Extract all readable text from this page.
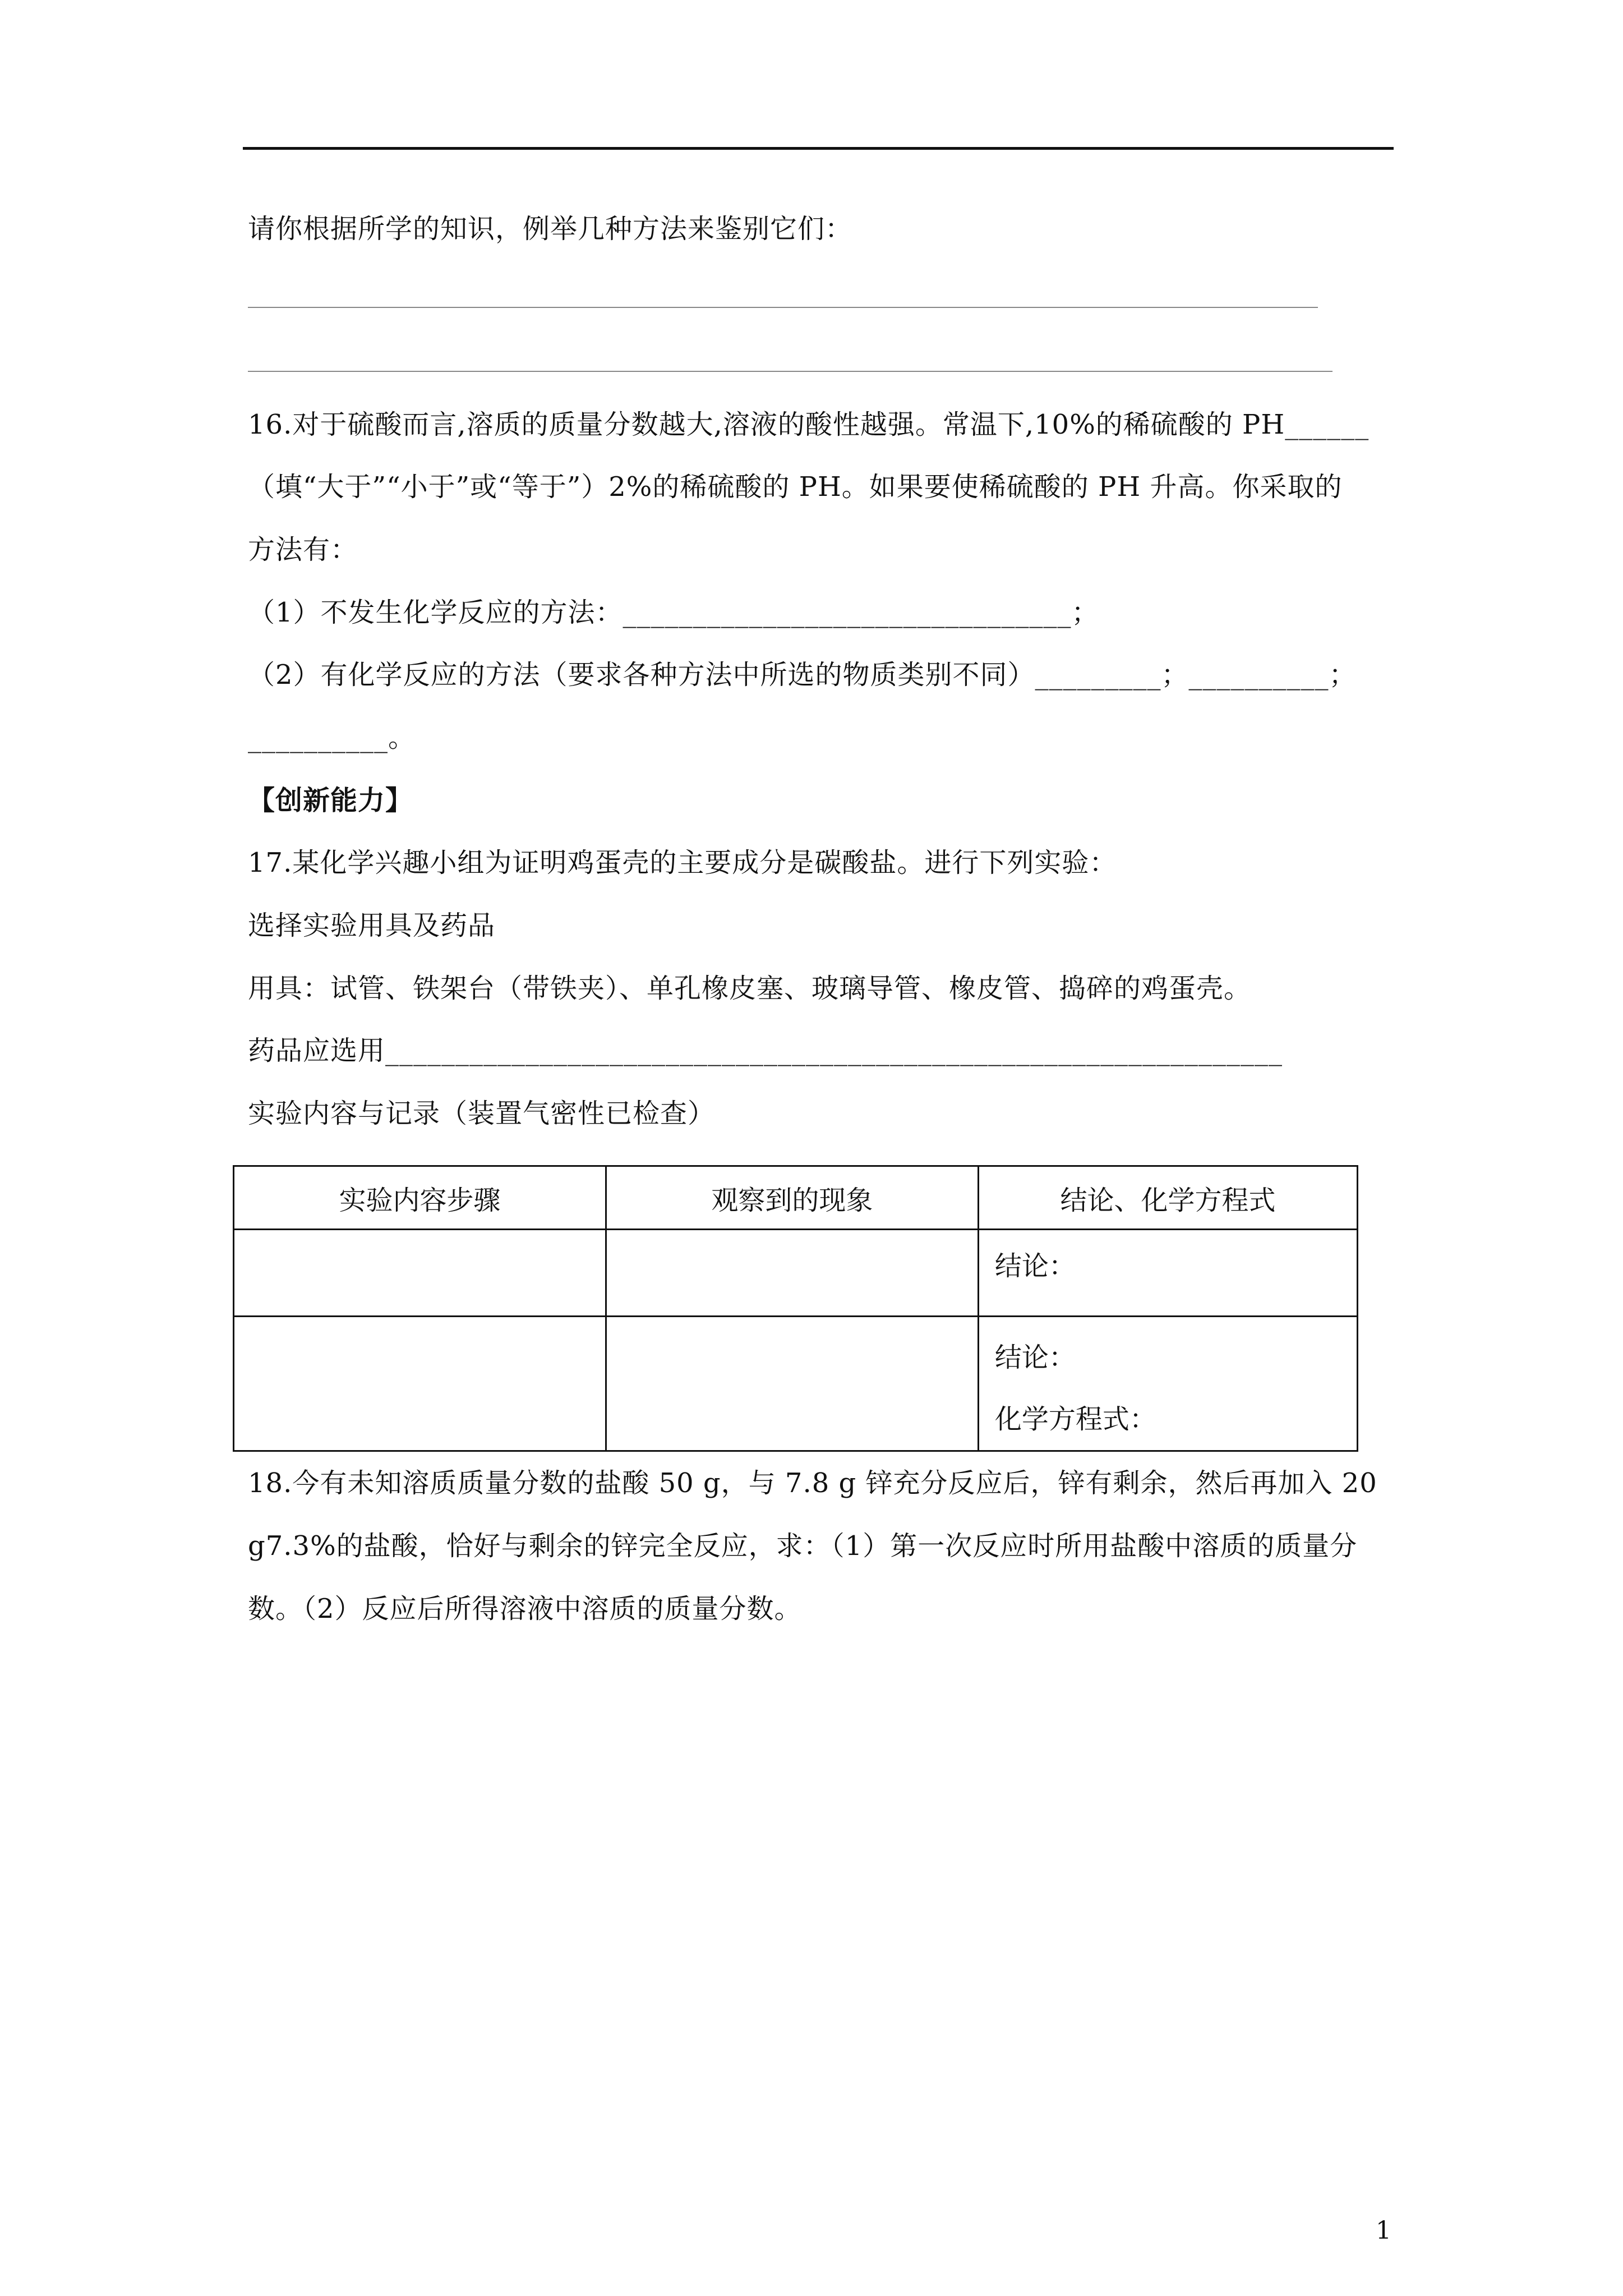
请你根据所学的知识，例举几种方法来鉴别它们：
16.对于硫酸而言,溶质的质量分数越大,溶液的酸性越强。常温下,10%的稀硫酸的 PH______
（填“大于”“小于”或“等于”）2%的稀硫酸的 PH。如果要使稀硫酸的 PH 升高。你采取的
方法有：
（1）不发生化学反应的方法：________________________________；
（2）有化学反应的方法（要求各种方法中所选的物质类别不同）_________；__________；
__________。
【创新能力】
17.某化学兴趣小组为证明鸡蛋壳的主要成分是碳酸盐。进行下列实验：
选择实验用具及药品
用具：试管、铁架台（带铁夹）、单孔橡皮塞、玻璃导管、橡皮管、捣碎的鸡蛋壳。
药品应选用________________________________________________________________
实验内容与记录（装置气密性已检查）
实验内容步骤	观察到的现象	结论、化学方程式

		结论：

		结论：
化学方程式：
18.今有未知溶质质量分数的盐酸 50 g，与 7.8 g 锌充分反应后，锌有剩余，然后再加入 20
g7.3%的盐酸，恰好与剩余的锌完全反应，求：（1）第一次反应时所用盐酸中溶质的质量分
数。（2）反应后所得溶液中溶质的质量分数。
1
